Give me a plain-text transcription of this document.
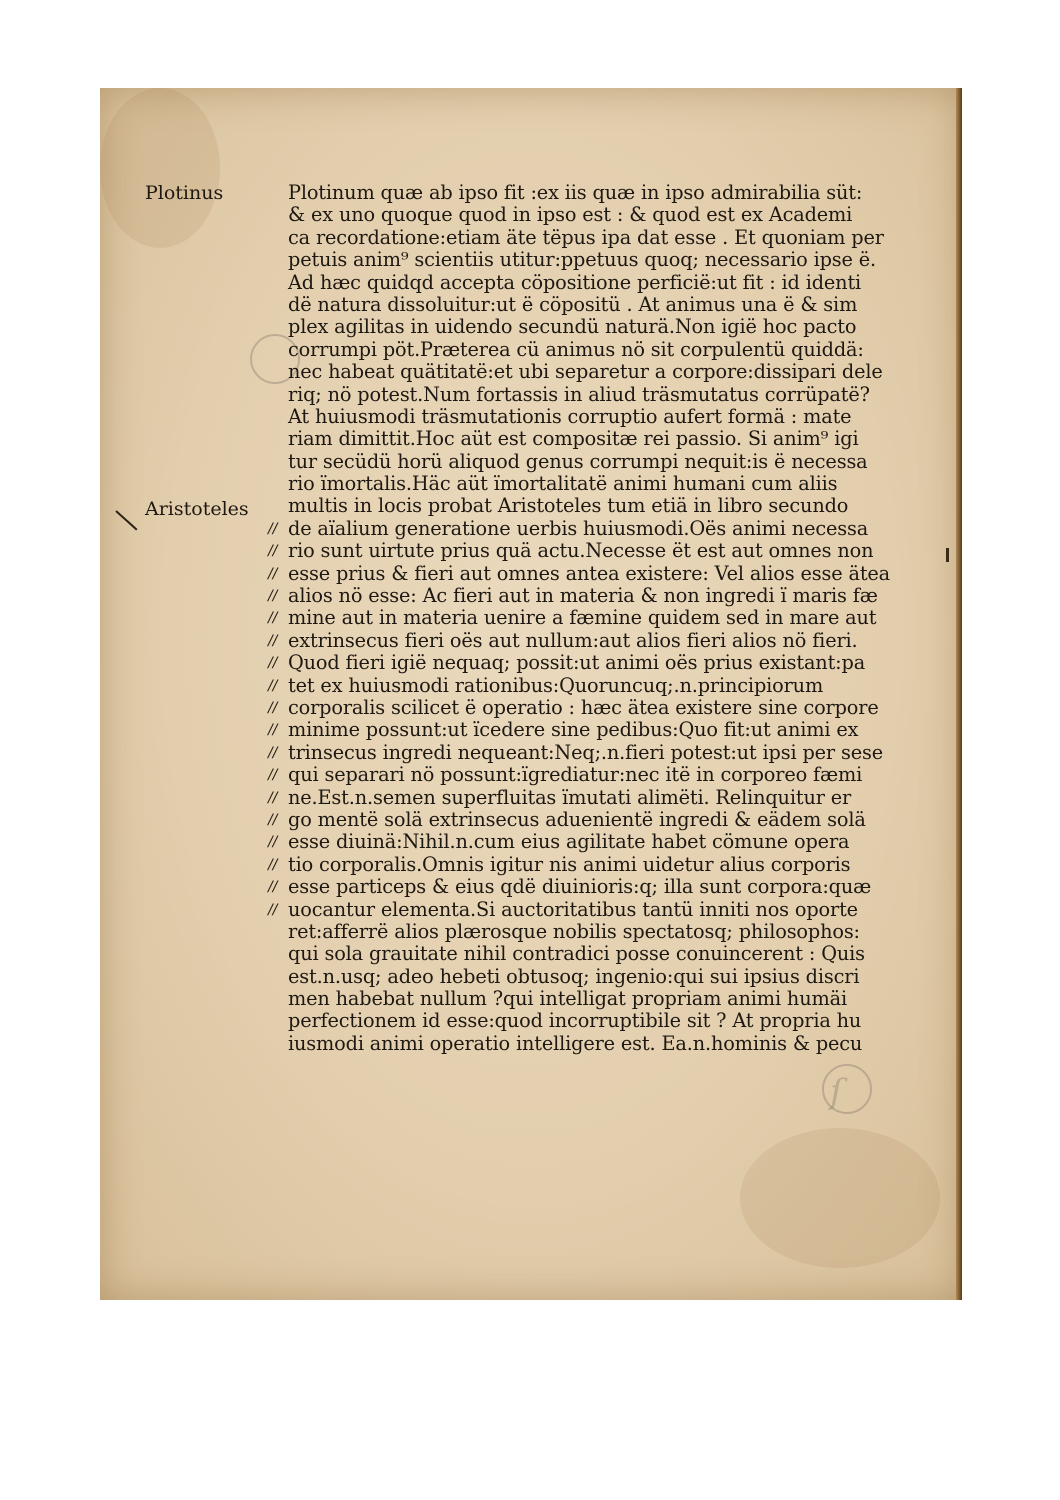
Plotinus
Aristoteles
ſ
Plotinum quæ ab ipso fit :ex iis quæ in ipso admirabilia süt:
& ex uno quoque quod in ipso est : & quod est ex Academi
ca recordatione:etiam äte tëpus ipa dat esse . Et quoniam per
petuis anim⁹ scientiis utitur:ppetuus quoq; necessario ipse ë.
Ad hæc quidqd accepta cöpositione perficië:ut fit : id identi
dë natura dissoluitur:ut ë cöpositü . At animus una ë & sim
plex agilitas in uidendo secundü naturä.Non igië hoc pacto
corrumpi pöt.Præterea cü animus nö sit corpulentü quiddä:
nec habeat quätitatë:et ubi separetur a corpore:dissipari dele
riq; nö potest.Num fortassis in aliud träsmutatus corrüpatë?
At huiusmodi träsmutationis corruptio aufert formä : mate
riam dimittit.Hoc aüt est compositæ rei passio. Si anim⁹ igi
tur secüdü horü aliquod genus corrumpi nequit:is ë necessa
rio ïmortalis.Häc aüt ïmortalitatë animi humani cum aliis
multis in locis probat Aristoteles tum etiä in libro secundo
// de aïalium generatione uerbis huiusmodi.Oës animi necessa
// rio sunt uirtute prius quä actu.Necesse ët est aut omnes non
// esse prius & fieri aut omnes antea existere: Vel alios esse ätea
// alios nö esse: Ac fieri aut in materia & non ingredi ï maris fæ
// mine aut in materia uenire a fæmine quidem sed in mare aut
// extrinsecus fieri oës aut nullum:aut alios fieri alios nö fieri.
// Quod fieri igië nequaq; possit:ut animi oës prius existant:pa
// tet ex huiusmodi rationibus:Quoruncuq;.n.principiorum
// corporalis scilicet ë operatio : hæc ätea existere sine corpore
// minime possunt:ut ïcedere sine pedibus:Quo fit:ut animi ex
// trinsecus ingredi nequeant:Neq;.n.fieri potest:ut ipsi per sese
// qui separari nö possunt:ïgrediatur:nec itë in corporeo fæmi
// ne.Est.n.semen superfluitas ïmutati alimëti. Relinquitur er
// go mentë solä extrinsecus aduenientë ingredi & eädem solä
// esse diuinä:Nihil.n.cum eius agilitate habet cömune opera
// tio corporalis.Omnis igitur nis animi uidetur alius corporis
// esse particeps & eius qdë diuinioris:q; illa sunt corpora:quæ
// uocantur elementa.Si auctoritatibus tantü inniti nos oporte
ret:afferrë alios plærosque nobilis spectatosq; philosophos:
qui sola grauitate nihil contradici posse conuincerent : Quis
est.n.usq; adeo hebeti obtusoq; ingenio:qui sui ipsius discri
men habebat nullum ?qui intelligat propriam animi humäi
perfectionem id esse:quod incorruptibile sit ? At propria hu
iusmodi animi operatio intelligere est. Ea.n.hominis & pecu
